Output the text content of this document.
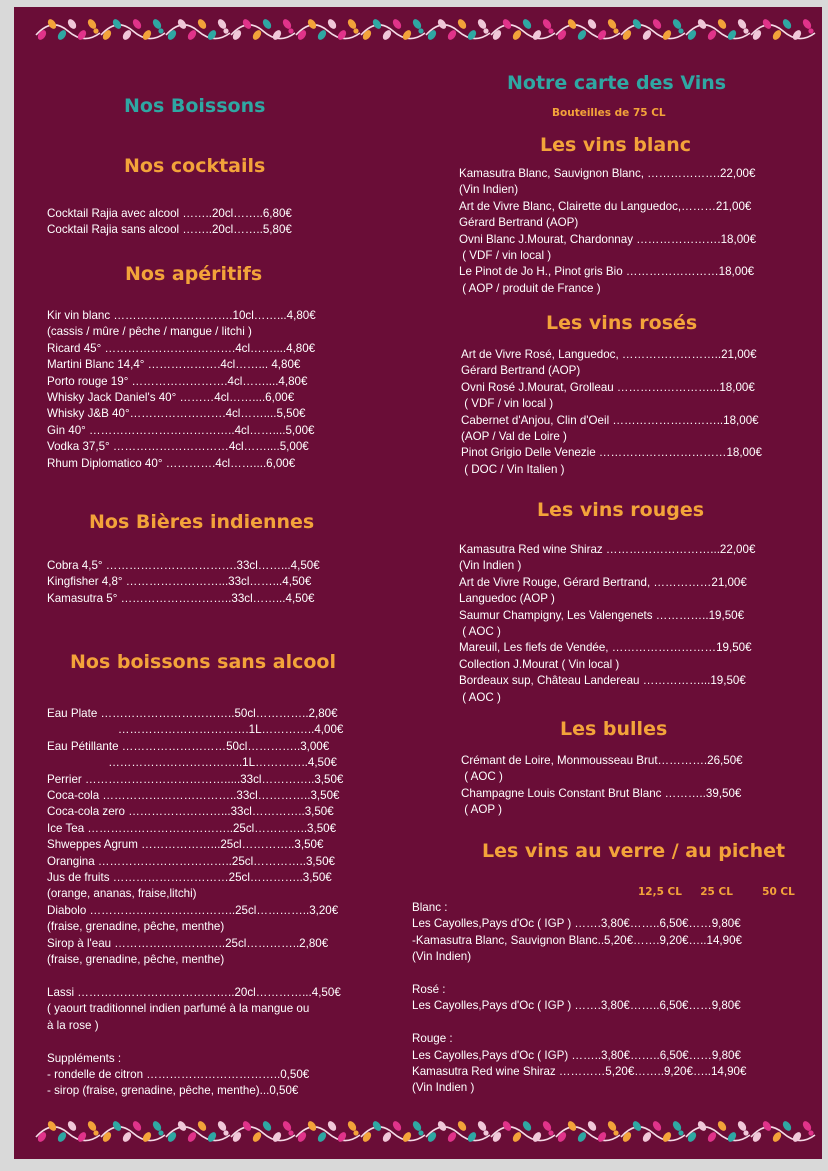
Nos Boissons
Nos cocktails
Cocktail Rajia avec alcool ……..20cl……..6,80€
Cocktail Rajia sans alcool ……..20cl……..5,80€
Nos apéritifs
Kir vin blanc ………………………….10cl……...4,80€
(cassis / mûre / pêche / mangue / litchi )
Ricard 45° …………………………….4cl……....4,80€
Martini Blanc 14,4° ……………….4cl……... 4,80€
Porto rouge 19° …………………….4cl……....4,80€
Whisky Jack Daniel's 40° ………4cl……....6,00€
Whisky J&B 40°…………………….4cl……....5,50€
Gin 40° ………………………………..4cl……....5,00€
Vodka 37,5° …………………………4cl……....5,00€
Rhum Diplomatico 40° ………….4cl……....6,00€
Nos Bières indiennes
Cobra 4,5° …………………………….33cl……...4,50€
Kingfisher 4,8° ……………………...33cl……...4,50€
Kamasutra 5° ………………………..33cl……...4,50€
Nos boissons sans alcool
Eau Plate ……………………………..50cl…………..2,80€
…………………………….1L…………..4,00€
Eau Pétillante ………………………50cl…………..3,00€
……………………………..1L…………..4,50€
Perrier ……………………………….....33cl…………..3,50€
Coca-cola ……………………………..33cl…………..3,50€
Coca-cola zero ……………………...33cl…………..3,50€
Ice Tea ………………………………..25cl…………..3,50€
Shweppes Agrum ………………...25cl…………..3,50€
Orangina ……………………………..25cl…………..3,50€
Jus de fruits …………………………25cl…………..3,50€
(orange, ananas, fraise,litchi)
Diabolo ………………………………..25cl…………..3,20€
(fraise, grenadine, pêche, menthe)
Sirop à l'eau ………………………..25cl…………..2,80€
(fraise, grenadine, pêche, menthe)

Lassi …………………………………..20cl…………...4,50€
( yaourt traditionnel indien parfumé à la mangue ou
à la rose )

Suppléments :
- rondelle de citron ……………………………..0,50€
- sirop (fraise, grenadine, pêche, menthe)...0,50€
Notre carte des Vins
Bouteilles de 75 CL
Les vins blanc
Kamasutra Blanc, Sauvignon Blanc, ……………….22,00€
(Vin Indien)
Art de Vivre Blanc, Clairette du Languedoc,………21,00€
Gérard Bertrand (AOP)
Ovni Blanc J.Mourat, Chardonnay ………………….18,00€
( VDF / vin local )
Le Pinot de Jo H., Pinot gris Bio ……………………18,00€
( AOP / produit de France )
Les vins rosés
Art de Vivre Rosé, Languedoc, ……………………..21,00€
Gérard Bertrand (AOP)
Ovni Rosé J.Mourat, Grolleau ……………………...18,00€
( VDF / vin local )
Cabernet d'Anjou, Clin d'Oeil ………………………..18,00€
(AOP / Val de Loire )
Pinot Grigio Delle Venezie ……………………………18,00€
( DOC / Vin Italien )
Les vins rouges
Kamasutra Red wine Shiraz ………………………...22,00€
(Vin Indien )
Art de Vivre Rouge, Gérard Bertrand, ……………21,00€
Languedoc (AOP )
Saumur Champigny, Les Valengenets …………..19,50€
( AOC )
Mareuil, Les fiefs de Vendée, ………………………19,50€
Collection J.Mourat ( Vin local )
Bordeaux sup, Château Landereau ……………...19,50€
( AOC )
Les bulles
Crémant de Loire, Monmousseau Brut………….26,50€
( AOC )
Champagne Louis Constant Brut Blanc ………..39,50€
( AOP )
Les vins au verre / au pichet
12,5 CL     25 CL        50 CL
Blanc :
Les Cayolles,Pays d'Oc ( IGP ) …….3,80€……..6,50€……9,80€
-Kamasutra Blanc, Sauvignon Blanc..5,20€…….9,20€…..14,90€
(Vin Indien)

Rosé :
Les Cayolles,Pays d'Oc ( IGP ) …….3,80€……..6,50€……9,80€

Rouge :
Les Cayolles,Pays d'Oc ( IGP) ……..3,80€……..6,50€……9,80€
Kamasutra Red wine Shiraz …………5,20€……..9,20€…..14,90€
(Vin Indien )
